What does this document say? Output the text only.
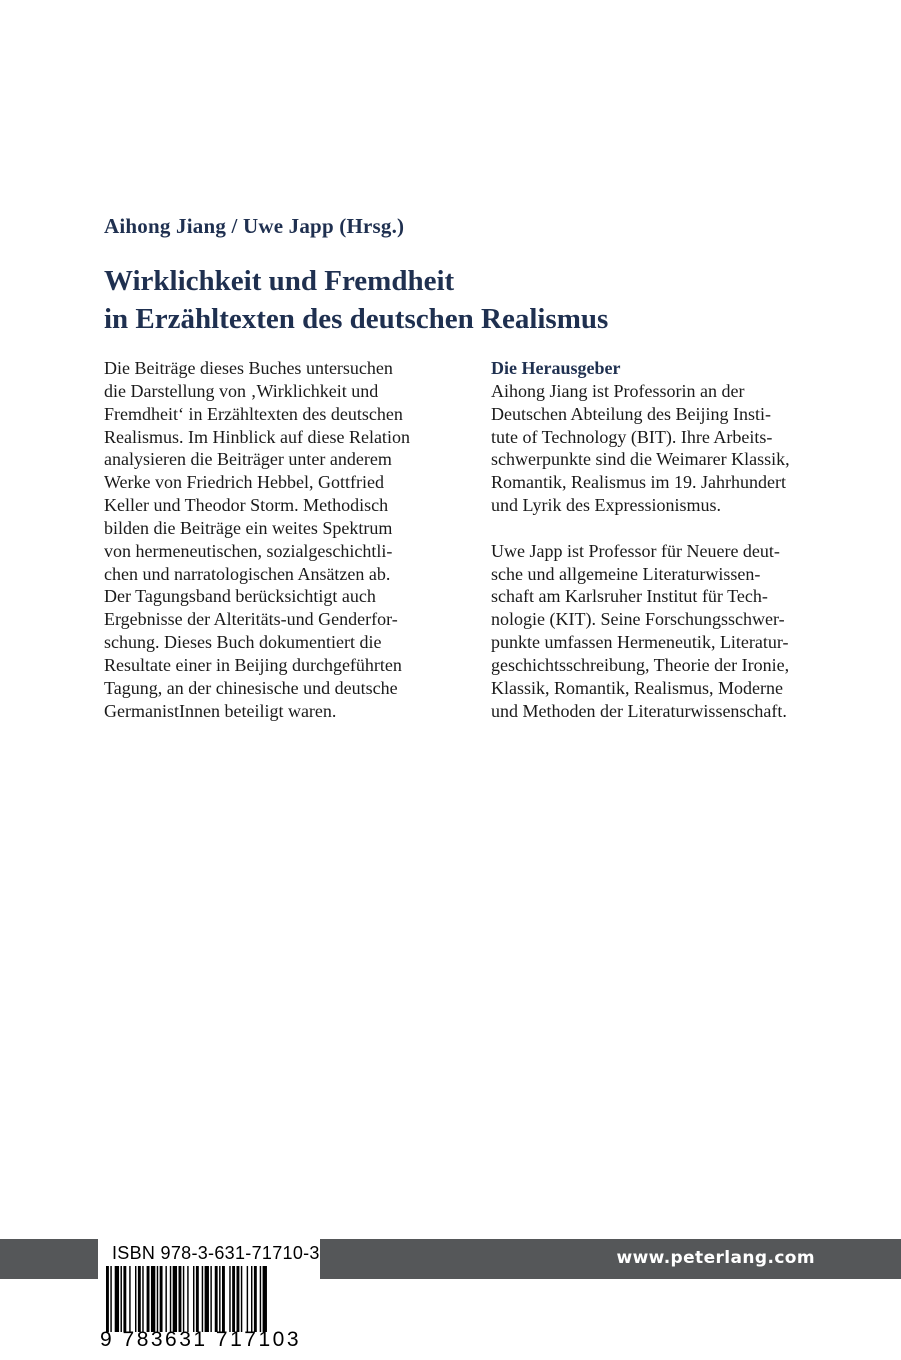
Aihong Jiang / Uwe Japp (Hrsg.)
Wirklichkeit und Fremdheit
in Erzähltexten des deutschen Realismus
Die Beiträge dieses Buches untersuchen
die Darstellung von ‚Wirklichkeit und
Fremdheit‘ in Erzähltexten des deutschen
Realismus. Im Hinblick auf diese Relation
analysieren die Beiträger unter anderem
Werke von Friedrich Hebbel, Gottfried
Keller und Theodor Storm. Methodisch
bilden die Beiträge ein weites Spektrum
von hermeneutischen, sozialgeschichtli-
chen und narratologischen Ansätzen ab.
Der Tagungsband berücksichtigt auch
Ergebnisse der Alteritäts-und Genderfor-
schung. Dieses Buch dokumentiert die
Resultate einer in Beijing durchgeführten
Tagung, an der chinesische und deutsche
GermanistInnen beteiligt waren.
Die Herausgeber
Aihong Jiang ist Professorin an der
Deutschen Abteilung des Beijing Insti-
tute of Technology (BIT). Ihre Arbeits-
schwerpunkte sind die Weimarer Klassik,
Romantik, Realismus im 19. Jahrhundert
und Lyrik des Expressionismus.
Uwe Japp ist Professor für Neuere deut-
sche und allgemeine Literaturwissen-
schaft am Karlsruher Institut für Tech-
nologie (KIT). Seine Forschungsschwer-
punkte umfassen Hermeneutik, Literatur-
geschichtsschreibung, Theorie der Ironie,
Klassik, Romantik, Realismus, Moderne
und Methoden der Literaturwissenschaft.
www.peterlang.com
ISBN 978-3-631-71710-3
9 783631 717103
